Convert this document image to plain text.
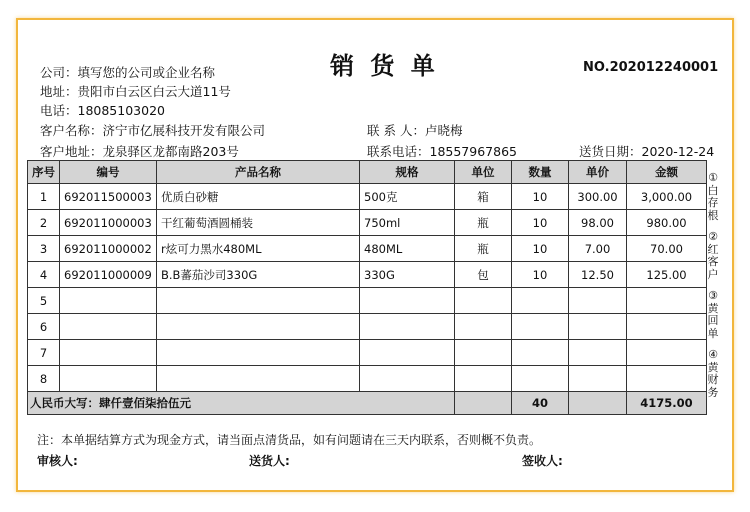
销 货 单	NO.202012240001
公司：填写您的公司或企业名称
地址：贵阳市白云区白云大道11号
电话：18085103020
客户名称：济宁市亿展科技开发有限公司	联 系 人：卢晓梅
客户地址：龙泉驿区龙都南路203号	联系电话：18557967865	送货日期：2020-12-24
序号	编号	产品名称	规格	单位	数量	单价	金额
1	692011500003	优质白砂糖	500克	箱	10	300.00	3,000.00
2	692011000003	干红葡萄酒圆桶装	750ml	瓶	10	98.00	980.00
3	692011000002	r炫可力黑水480ML	480ML	瓶	10	7.00	70.00
4	692011000009	B.B蕃茄沙司330G	330G	包	10	12.50	125.00
5							
6							
7							
8							
人民币大写：肆仟壹佰柒拾伍元					40		4175.00
①
白
存
根
②
红
客
户
③
黄
回
单
④
黄
财
务
注：本单据结算方式为现金方式，请当面点清货品，如有问题请在三天内联系，否则概不负责。
审核人:	送货人:	签收人:
